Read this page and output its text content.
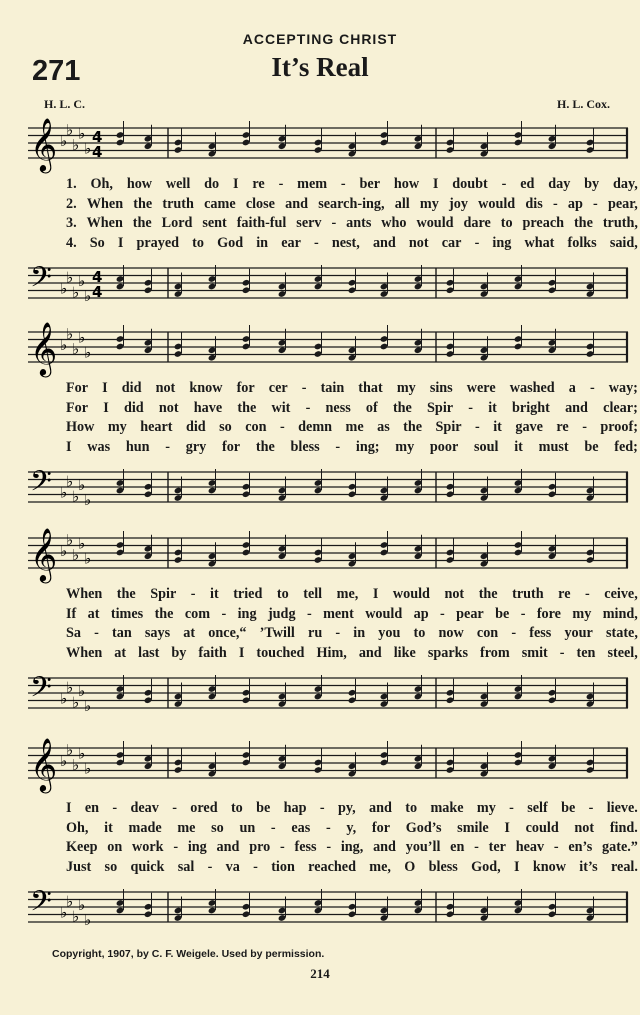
ACCEPTING CHRIST
271	It’s Real
H. L. C.	H. L. Cox.
𝄞 ♭
♭
♭
♭
♭
4
4
1. Oh, how well do I re - mem - ber how I doubt - ed day by day,
2. When the truth came close and search-ing, all my joy would dis - ap - pear,
3. When the Lord sent faith-ful serv - ants who would dare to preach the truth,
4. So I prayed to God in ear - nest, and not car - ing what folks said,
𝄢 ♭
♭
♭
♭
♭
4
4
𝄞 ♭
♭
♭
♭
♭
For I did not know for cer - tain that my sins were washed a - way;
For I did not have the wit - ness of the Spir - it bright and clear;
How my heart did so con - demn me as the Spir - it gave re - proof;
I was hun - gry for the bless - ing; my poor soul it must be fed;
𝄢 ♭
♭
♭
♭
♭
𝄞 ♭
♭
♭
♭
♭
When the Spir - it tried to tell me, I would not the truth re - ceive,
If at times the com - ing judg - ment would ap - pear be - fore my mind,
Sa - tan says at once,“ ’Twill ru - in you to now con - fess your state,
When at last by faith I touched Him, and like sparks from smit - ten steel,
𝄢 ♭
♭
♭
♭
♭
𝄞 ♭
♭
♭
♭
♭
I en - deav - ored to be hap - py, and to make my - self be - lieve.
Oh, it made me so un - eas - y, for God’s smile I could not find.
Keep on work - ing and pro - fess - ing, and you’ll en - ter heav - en’s gate.”
Just so quick sal - va - tion reached me, O bless God, I know it’s real.
𝄢 ♭
♭
♭
♭
♭
Copyright, 1907, by C. F. Weigele. Used by permission.
214
